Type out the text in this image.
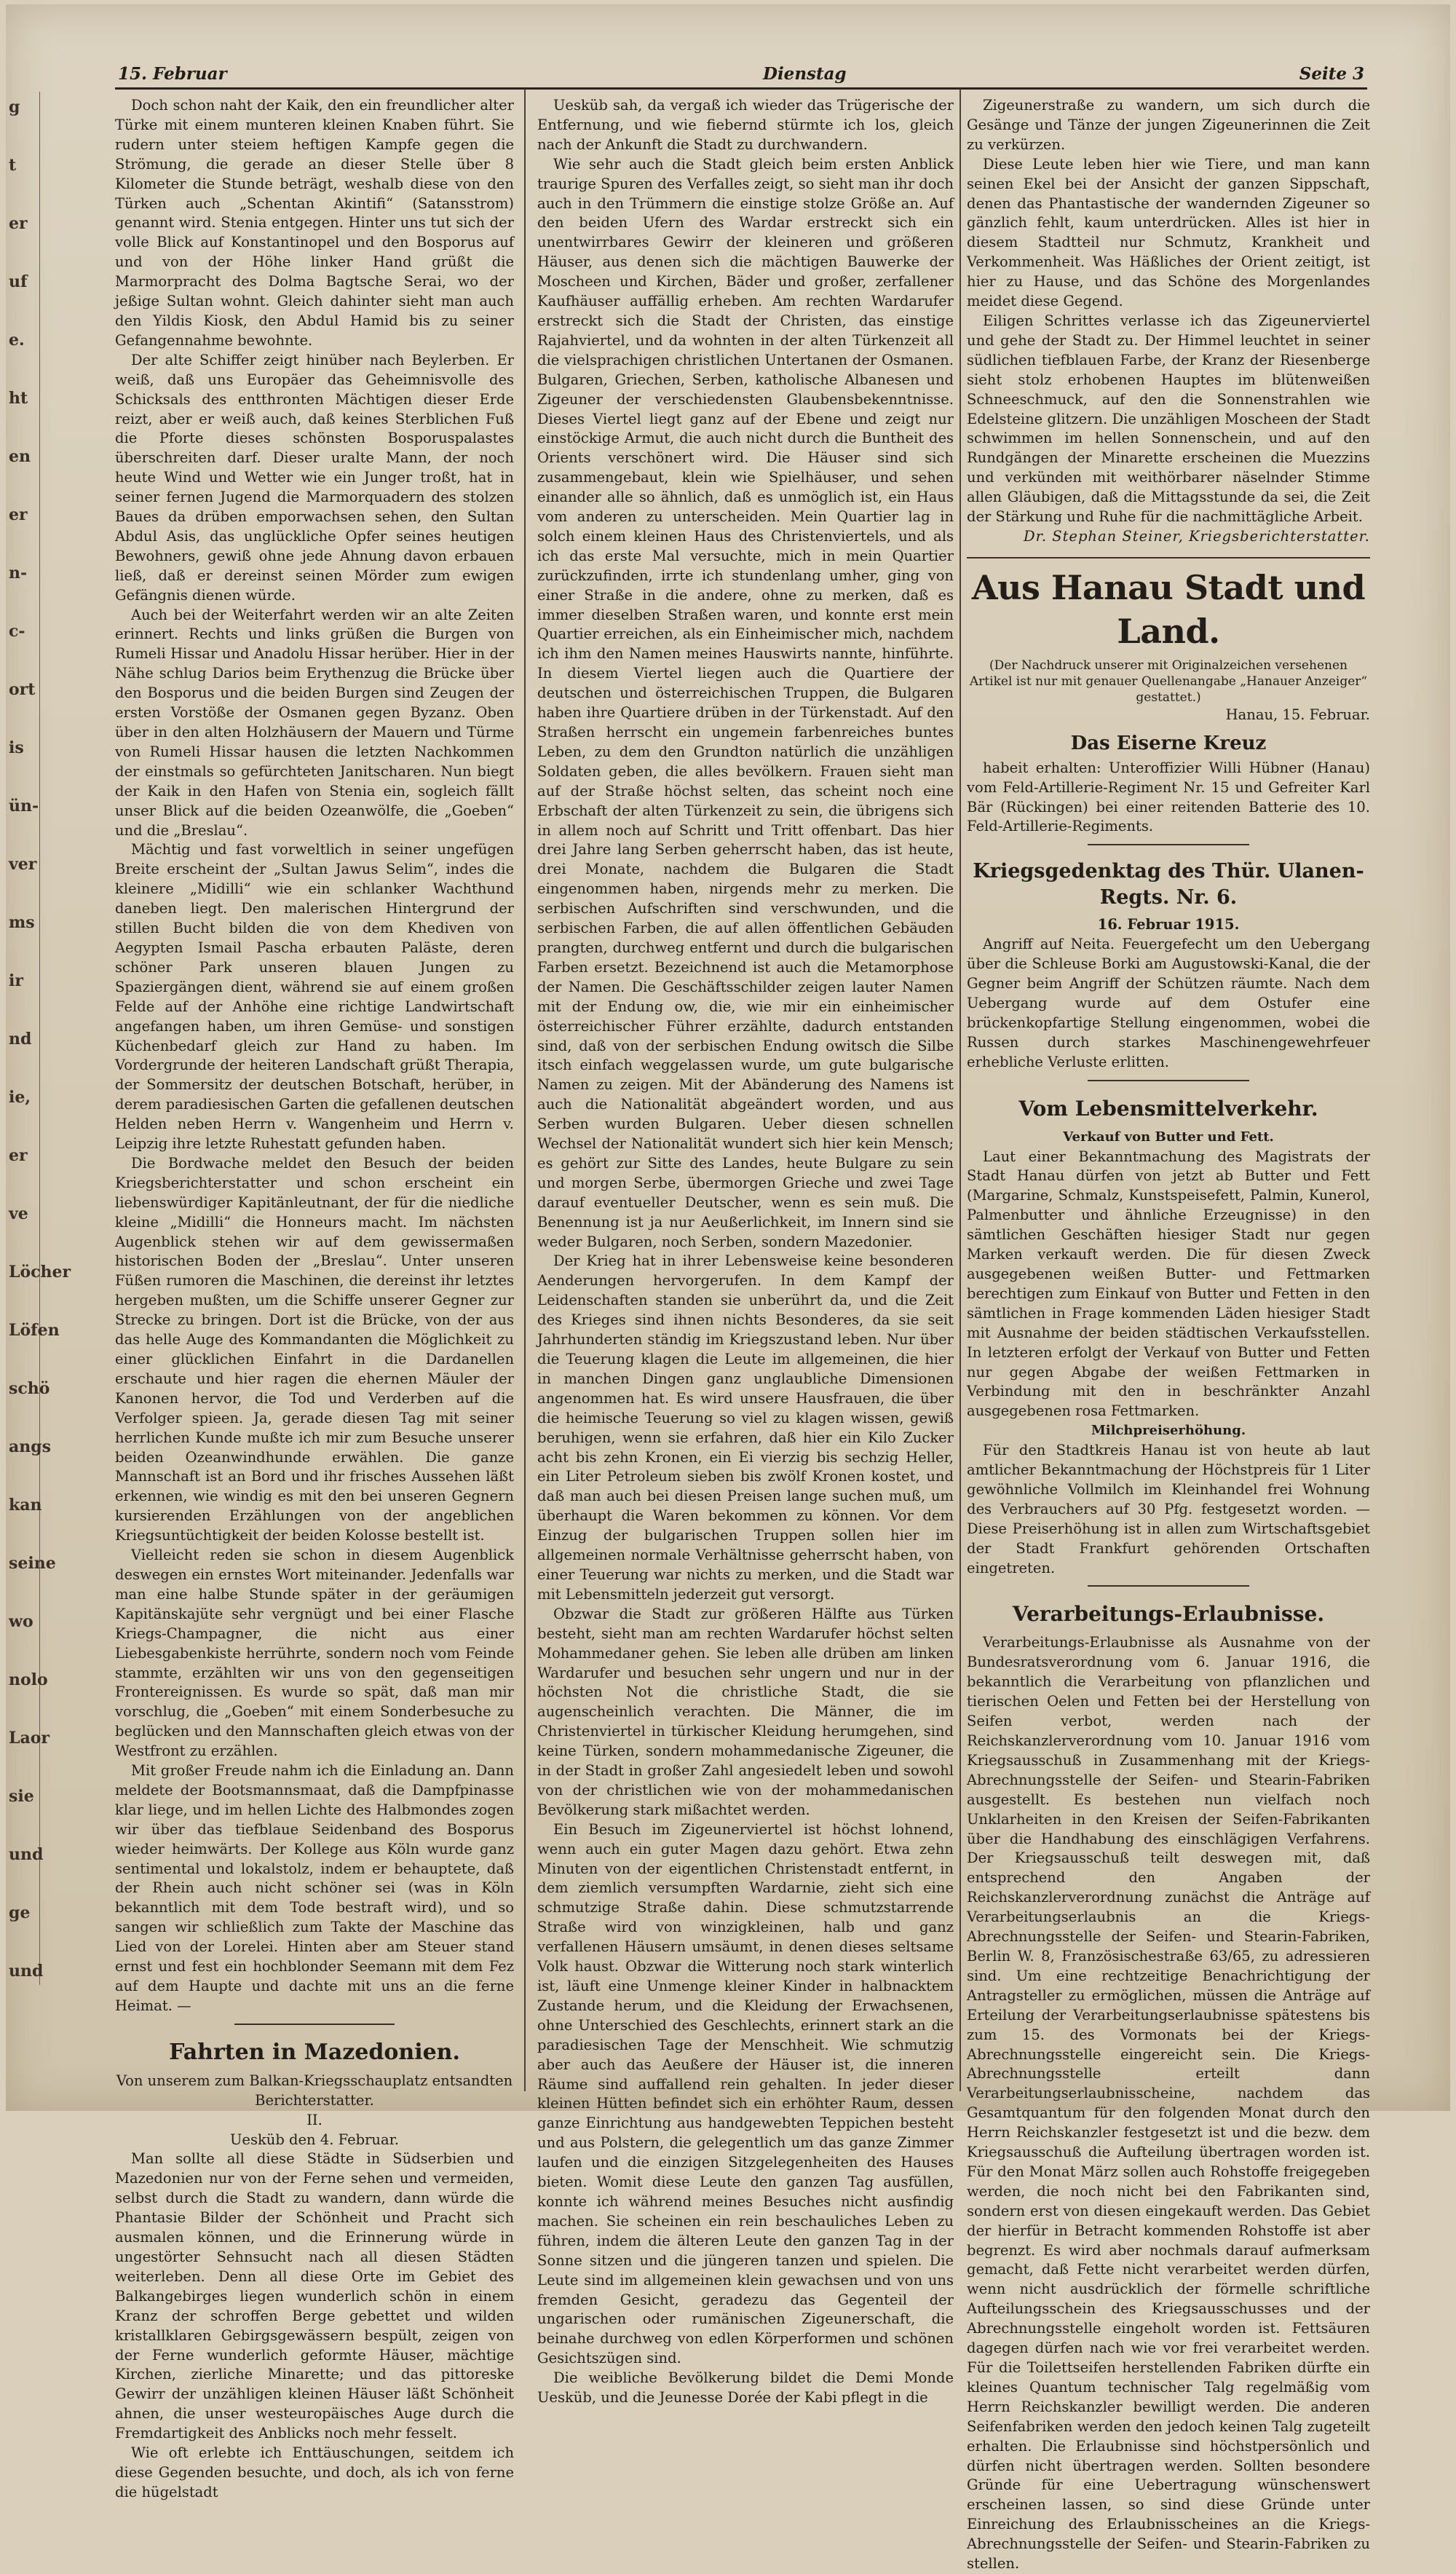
15. Februar	Dienstag	Seite 3
g
t
er
uf
e.
ht
en
er
n-
c-
ort
is
ün-
ver
ms
ir
nd
ie,
er
ve
Löcher
Löfen
schö
angs
kan
seine
wo
nolo
Laor
sie
und
ge
und

Doch schon naht der Kaik, den ein freundlicher alter Türke mit einem munteren kleinen Knaben führt. Sie rudern unter steiem heftigen Kampfe gegen die Strömung, die gerade an dieser Stelle über 8 Kilometer die Stunde beträgt, weshalb diese von den Türken auch „Schentan Akintifi“ (Satansstrom) genannt wird. Stenia entgegen. Hinter uns tut sich der volle Blick auf Konstantinopel und den Bosporus auf und von der Höhe linker Hand grüßt die Marmorpracht des Dolma Bagtsche Serai, wo der jeßige Sultan wohnt. Gleich dahinter sieht man auch den Yildis Kiosk, den Abdul Hamid bis zu seiner Gefangennahme bewohnte.

Der alte Schiffer zeigt hinüber nach Beylerben. Er weiß, daß uns Europäer das Geheimnisvolle des Schicksals des entthronten Mächtigen dieser Erde reizt, aber er weiß auch, daß keines Sterblichen Fuß die Pforte dieses schönsten Bosporuspalastes überschreiten darf. Dieser uralte Mann, der noch heute Wind und Wetter wie ein Junger troßt, hat in seiner fernen Jugend die Marmorquadern des stolzen Baues da drüben emporwachsen sehen, den Sultan Abdul Asis, das unglückliche Opfer seines heutigen Bewohners, gewiß ohne jede Ahnung davon erbauen ließ, daß er dereinst seinen Mörder zum ewigen Gefängnis dienen würde.

Auch bei der Weiterfahrt werden wir an alte Zeiten erinnert. Rechts und links grüßen die Burgen von Rumeli Hissar und Anadolu Hissar herüber. Hier in der Nähe schlug Darios beim Erythenzug die Brücke über den Bosporus und die beiden Burgen sind Zeugen der ersten Vorstöße der Osmanen gegen Byzanz. Oben über in den alten Holzhäusern der Mauern und Türme von Rumeli Hissar hausen die letzten Nachkommen der einstmals so gefürchteten Janitscharen. Nun biegt der Kaik in den Hafen von Stenia ein, sogleich fällt unser Blick auf die beiden Ozeanwölfe, die „Goeben“ und die „Breslau“.

Mächtig und fast vorweltlich in seiner ungefügen Breite erscheint der „Sultan Jawus Selim“, indes die kleinere „Midilli“ wie ein schlanker Wachthund daneben liegt. Den malerischen Hintergrund der stillen Bucht bilden die von dem Khediven von Aegypten Ismail Pascha erbauten Paläste, deren schöner Park unseren blauen Jungen zu Spaziergängen dient, während sie auf einem großen Felde auf der Anhöhe eine richtige Landwirtschaft angefangen haben, um ihren Gemüse- und sonstigen Küchenbedarf gleich zur Hand zu haben. Im Vordergrunde der heiteren Landschaft grüßt Therapia, der Sommersitz der deutschen Botschaft, herüber, in derem paradiesischen Garten die gefallenen deutschen Helden neben Herrn v. Wangenheim und Herrn v. Leipzig ihre letzte Ruhestatt gefunden haben.

Die Bordwache meldet den Besuch der beiden Kriegsberichterstatter und schon erscheint ein liebenswürdiger Kapitänleutnant, der für die niedliche kleine „Midilli“ die Honneurs macht. Im nächsten Augenblick stehen wir auf dem gewissermaßen historischen Boden der „Breslau“. Unter unseren Füßen rumoren die Maschinen, die dereinst ihr letztes hergeben mußten, um die Schiffe unserer Gegner zur Strecke zu bringen. Dort ist die Brücke, von der aus das helle Auge des Kommandanten die Möglichkeit zu einer glücklichen Einfahrt in die Dardanellen erschaute und hier ragen die ehernen Mäuler der Kanonen hervor, die Tod und Verderben auf die Verfolger spieen. Ja, gerade diesen Tag mit seiner herrlichen Kunde mußte ich mir zum Besuche unserer beiden Ozeanwindhunde erwählen. Die ganze Mannschaft ist an Bord und ihr frisches Aussehen läßt erkennen, wie windig es mit den bei unseren Gegnern kursierenden Erzählungen von der angeblichen Kriegsuntüchtigkeit der beiden Kolosse bestellt ist.

Vielleicht reden sie schon in diesem Augenblick deswegen ein ernstes Wort miteinander. Jedenfalls war man eine halbe Stunde später in der geräumigen Kapitänskajüte sehr vergnügt und bei einer Flasche Kriegs-Champagner, die nicht aus einer Liebesgabenkiste herrührte, sondern noch vom Feinde stammte, erzählten wir uns von den gegenseitigen Frontereignissen. Es wurde so spät, daß man mir vorschlug, die „Goeben“ mit einem Sonderbesuche zu beglücken und den Mannschaften gleich etwas von der Westfront zu erzählen.

Mit großer Freude nahm ich die Einladung an. Dann meldete der Bootsmannsmaat, daß die Dampfpinasse klar liege, und im hellen Lichte des Halbmondes zogen wir über das tiefblaue Seidenband des Bosporus wieder heimwärts. Der Kollege aus Köln wurde ganz sentimental und lokalstolz, indem er behauptete, daß der Rhein auch nicht schöner sei (was in Köln bekanntlich mit dem Tode bestraft wird), und so sangen wir schließlich zum Takte der Maschine das Lied von der Lorelei. Hinten aber am Steuer stand ernst und fest ein hochblonder Seemann mit dem Fez auf dem Haupte und dachte mit uns an die ferne Heimat. —

Fahrten in Mazedonien.

Von unserem zum Balkan-Kriegsschauplatz entsandten Berichterstatter.

II.

Uesküb den 4. Februar.

Man sollte all diese Städte in Südserbien und Mazedonien nur von der Ferne sehen und vermeiden, selbst durch die Stadt zu wandern, dann würde die Phantasie Bilder der Schönheit und Pracht sich ausmalen können, und die Erinnerung würde in ungestörter Sehnsucht nach all diesen Städten weiterleben. Denn all diese Orte im Gebiet des Balkangebirges liegen wunderlich schön in einem Kranz der schroffen Berge gebettet und wilden kristallklaren Gebirgsgewässern bespült, zeigen von der Ferne wunderlich geformte Häuser, mächtige Kirchen, zierliche Minarette; und das pittoreske Gewirr der unzähligen kleinen Häuser läßt Schönheit ahnen, die unser westeuropäisches Auge durch die Fremdartigkeit des Anblicks noch mehr fesselt.

Wie oft erlebte ich Enttäuschungen, seitdem ich diese Gegenden besuchte, und doch, als ich von ferne die hügelstadt

Uesküb sah, da vergaß ich wieder das Trügerische der Entfernung, und wie fiebernd stürmte ich los, gleich nach der Ankunft die Stadt zu durchwandern.

Wie sehr auch die Stadt gleich beim ersten Anblick traurige Spuren des Verfalles zeigt, so sieht man ihr doch auch in den Trümmern die einstige stolze Größe an. Auf den beiden Ufern des Wardar erstreckt sich ein unentwirrbares Gewirr der kleineren und größeren Häuser, aus denen sich die mächtigen Bauwerke der Moscheen und Kirchen, Bäder und großer, zerfallener Kaufhäuser auffällig erheben. Am rechten Wardarufer erstreckt sich die Stadt der Christen, das einstige Rajahviertel, und da wohnten in der alten Türkenzeit all die vielsprachigen christlichen Untertanen der Osmanen. Bulgaren, Griechen, Serben, katholische Albanesen und Zigeuner der verschiedensten Glaubensbekenntnisse. Dieses Viertel liegt ganz auf der Ebene und zeigt nur einstöckige Armut, die auch nicht durch die Buntheit des Orients verschönert wird. Die Häuser sind sich zusammengebaut, klein wie Spielhäuser, und sehen einander alle so ähnlich, daß es unmöglich ist, ein Haus vom anderen zu unterscheiden. Mein Quartier lag in solch einem kleinen Haus des Christenviertels, und als ich das erste Mal versuchte, mich in mein Quartier zurückzufinden, irrte ich stundenlang umher, ging von einer Straße in die andere, ohne zu merken, daß es immer dieselben Straßen waren, und konnte erst mein Quartier erreichen, als ein Einheimischer mich, nachdem ich ihm den Namen meines Hauswirts nannte, hinführte. In diesem Viertel liegen auch die Quartiere der deutschen und österreichischen Truppen, die Bulgaren haben ihre Quartiere drüben in der Türkenstadt. Auf den Straßen herrscht ein ungemein farbenreiches buntes Leben, zu dem den Grundton natürlich die unzähligen Soldaten geben, die alles bevölkern. Frauen sieht man auf der Straße höchst selten, das scheint noch eine Erbschaft der alten Türkenzeit zu sein, die übrigens sich in allem noch auf Schritt und Tritt offenbart. Das hier drei Jahre lang Serben geherrscht haben, das ist heute, drei Monate, nachdem die Bulgaren die Stadt eingenommen haben, nirgends mehr zu merken. Die serbischen Aufschriften sind verschwunden, und die serbischen Farben, die auf allen öffentlichen Gebäuden prangten, durchweg entfernt und durch die bulgarischen Farben ersetzt. Bezeichnend ist auch die Metamorphose der Namen. Die Geschäftsschilder zeigen lauter Namen mit der Endung ow, die, wie mir ein einheimischer österreichischer Führer erzählte, dadurch entstanden sind, daß von der serbischen Endung owitsch die Silbe itsch einfach weggelassen wurde, um gute bulgarische Namen zu zeigen. Mit der Abänderung des Namens ist auch die Nationalität abgeändert worden, und aus Serben wurden Bulgaren. Ueber diesen schnellen Wechsel der Nationalität wundert sich hier kein Mensch; es gehört zur Sitte des Landes, heute Bulgare zu sein und morgen Serbe, übermorgen Grieche und zwei Tage darauf eventueller Deutscher, wenn es sein muß. Die Benennung ist ja nur Aeußerlichkeit, im Innern sind sie weder Bulgaren, noch Serben, sondern Mazedonier.

Der Krieg hat in ihrer Lebensweise keine besonderen Aenderungen hervorgerufen. In dem Kampf der Leidenschaften standen sie unberührt da, und die Zeit des Krieges sind ihnen nichts Besonderes, da sie seit Jahrhunderten ständig im Kriegszustand leben. Nur über die Teuerung klagen die Leute im allgemeinen, die hier in manchen Dingen ganz unglaubliche Dimensionen angenommen hat. Es wird unsere Hausfrauen, die über die heimische Teuerung so viel zu klagen wissen, gewiß beruhigen, wenn sie erfahren, daß hier ein Kilo Zucker acht bis zehn Kronen, ein Ei vierzig bis sechzig Heller, ein Liter Petroleum sieben bis zwölf Kronen kostet, und daß man auch bei diesen Preisen lange suchen muß, um überhaupt die Waren bekommen zu können. Vor dem Einzug der bulgarischen Truppen sollen hier im allgemeinen normale Verhältnisse geherrscht haben, von einer Teuerung war nichts zu merken, und die Stadt war mit Lebensmitteln jederzeit gut versorgt.

Obzwar die Stadt zur größeren Hälfte aus Türken besteht, sieht man am rechten Wardarufer höchst selten Mohammedaner gehen. Sie leben alle drüben am linken Wardarufer und besuchen sehr ungern und nur in der höchsten Not die christliche Stadt, die sie augenscheinlich verachten. Die Männer, die im Christenviertel in türkischer Kleidung herumgehen, sind keine Türken, sondern mohammedanische Zigeuner, die in der Stadt in großer Zahl angesiedelt leben und sowohl von der christlichen wie von der mohammedanischen Bevölkerung stark mißachtet werden.

Ein Besuch im Zigeunerviertel ist höchst lohnend, wenn auch ein guter Magen dazu gehört. Etwa zehn Minuten von der eigentlichen Christenstadt entfernt, in dem ziemlich versumpften Wardarnie, zieht sich eine schmutzige Straße dahin. Diese schmutzstarrende Straße wird von winzigkleinen, halb und ganz verfallenen Häusern umsäumt, in denen dieses seltsame Volk haust. Obzwar die Witterung noch stark winterlich ist, läuft eine Unmenge kleiner Kinder in halbnacktem Zustande herum, und die Kleidung der Erwachsenen, ohne Unterschied des Geschlechts, erinnert stark an die paradiesischen Tage der Menschheit. Wie schmutzig aber auch das Aeußere der Häuser ist, die inneren Räume sind auffallend rein gehalten. In jeder dieser kleinen Hütten befindet sich ein erhöhter Raum, dessen ganze Einrichtung aus handgewebten Teppichen besteht und aus Polstern, die gelegentlich um das ganze Zimmer laufen und die einzigen Sitzgelegenheiten des Hauses bieten. Womit diese Leute den ganzen Tag ausfüllen, konnte ich während meines Besuches nicht ausfindig machen. Sie scheinen ein rein beschauliches Leben zu führen, indem die älteren Leute den ganzen Tag in der Sonne sitzen und die jüngeren tanzen und spielen. Die Leute sind im allgemeinen klein gewachsen und von uns fremden Gesicht, geradezu das Gegenteil der ungarischen oder rumänischen Zigeunerschaft, die beinahe durchweg von edlen Körperformen und schönen Gesichtszügen sind.

Die weibliche Bevölkerung bildet die Demi Monde Uesküb, und die Jeunesse Dorée der Kabi pflegt in die

Zigeunerstraße zu wandern, um sich durch die Gesänge und Tänze der jungen Zigeunerinnen die Zeit zu verkürzen.

Diese Leute leben hier wie Tiere, und man kann seinen Ekel bei der Ansicht der ganzen Sippschaft, denen das Phantastische der wandernden Zigeuner so gänzlich fehlt, kaum unterdrücken. Alles ist hier in diesem Stadtteil nur Schmutz, Krankheit und Verkommenheit. Was Häßliches der Orient zeitigt, ist hier zu Hause, und das Schöne des Morgenlandes meidet diese Gegend.

Eiligen Schrittes verlasse ich das Zigeunerviertel und gehe der Stadt zu. Der Himmel leuchtet in seiner südlichen tiefblauen Farbe, der Kranz der Riesenberge sieht stolz erhobenen Hauptes im blütenweißen Schneeschmuck, auf den die Sonnenstrahlen wie Edelsteine glitzern. Die unzähligen Moscheen der Stadt schwimmen im hellen Sonnenschein, und auf den Rundgängen der Minarette erscheinen die Muezzins und verkünden mit weithörbarer näselnder Stimme allen Gläubigen, daß die Mittagsstunde da sei, die Zeit der Stärkung und Ruhe für die nachmittägliche Arbeit.

Dr. Stephan Steiner, Kriegsberichterstatter.

Aus Hanau Stadt und Land.

(Der Nachdruck unserer mit Originalzeichen versehenen Artikel ist nur mit genauer Quellenangabe „Hanauer Anzeiger“ gestattet.)

Hanau, 15. Februar.

Das Eiserne Kreuz

habeit erhalten: Unteroffizier Willi Hübner (Hanau) vom Feld-Artillerie-Regiment Nr. 15 und Gefreiter Karl Bär (Rückingen) bei einer reitenden Batterie des 10. Feld-Artillerie-Regiments.

Kriegsgedenktag des Thür. Ulanen-Regts. Nr. 6.

16. Februar 1915.

Angriff auf Neita. Feuergefecht um den Uebergang über die Schleuse Borki am Augustowski-Kanal, die der Gegner beim Angriff der Schützen räumte. Nach dem Uebergang wurde auf dem Ostufer eine brückenkopfartige Stellung eingenommen, wobei die Russen durch starkes Maschinengewehrfeuer erhebliche Verluste erlitten.

Vom Lebensmittelverkehr.

Verkauf von Butter und Fett.

Laut einer Bekanntmachung des Magistrats der Stadt Hanau dürfen von jetzt ab Butter und Fett (Margarine, Schmalz, Kunstspeisefett, Palmin, Kunerol, Palmenbutter und ähnliche Erzeugnisse) in den sämtlichen Geschäften hiesiger Stadt nur gegen Marken verkauft werden. Die für diesen Zweck ausgegebenen weißen Butter- und Fettmarken berechtigen zum Einkauf von Butter und Fetten in den sämtlichen in Frage kommenden Läden hiesiger Stadt mit Ausnahme der beiden städtischen Verkaufsstellen. In letzteren erfolgt der Verkauf von Butter und Fetten nur gegen Abgabe der weißen Fettmarken in Verbindung mit den in beschränkter Anzahl ausgegebenen rosa Fettmarken.

Milchpreiserhöhung.

Für den Stadtkreis Hanau ist von heute ab laut amtlicher Bekanntmachung der Höchstpreis für 1 Liter gewöhnliche Vollmilch im Kleinhandel frei Wohnung des Verbrauchers auf 30 Pfg. festgesetzt worden. — Diese Preiserhöhung ist in allen zum Wirtschaftsgebiet der Stadt Frankfurt gehörenden Ortschaften eingetreten.

Verarbeitungs-Erlaubnisse.

Verarbeitungs-Erlaubnisse als Ausnahme von der Bundesratsverordnung vom 6. Januar 1916, die bekanntlich die Verarbeitung von pflanzlichen und tierischen Oelen und Fetten bei der Herstellung von Seifen verbot, werden nach der Reichskanzlerverordnung vom 10. Januar 1916 vom Kriegsausschuß in Zusammenhang mit der Kriegs-Abrechnungsstelle der Seifen- und Stearin-Fabriken ausgestellt. Es bestehen nun vielfach noch Unklarheiten in den Kreisen der Seifen-Fabrikanten über die Handhabung des einschlägigen Verfahrens. Der Kriegsausschuß teilt deswegen mit, daß entsprechend den Angaben der Reichskanzlerverordnung zunächst die Anträge auf Verarbeitungserlaubnis an die Kriegs-Abrechnungsstelle der Seifen- und Stearin-Fabriken, Berlin W. 8, Französischestraße 63/65, zu adressieren sind. Um eine rechtzeitige Benachrichtigung der Antragsteller zu ermöglichen, müssen die Anträge auf Erteilung der Verarbeitungserlaubnisse spätestens bis zum 15. des Vormonats bei der Kriegs-Abrechnungsstelle eingereicht sein. Die Kriegs-Abrechnungsstelle erteilt dann Verarbeitungserlaubnisscheine, nachdem das Gesamtquantum für den folgenden Monat durch den Herrn Reichskanzler festgesetzt ist und die bezw. dem Kriegsausschuß die Aufteilung übertragen worden ist. Für den Monat März sollen auch Rohstoffe freigegeben werden, die noch nicht bei den Fabrikanten sind, sondern erst von diesen eingekauft werden. Das Gebiet der hierfür in Betracht kommenden Rohstoffe ist aber begrenzt. Es wird aber nochmals darauf aufmerksam gemacht, daß Fette nicht verarbeitet werden dürfen, wenn nicht ausdrücklich der förmelle schriftliche Aufteilungsschein des Kriegsausschusses und der Abrechnungsstelle eingeholt worden ist. Fettsäuren dagegen dürfen nach wie vor frei verarbeitet werden. Für die Toilettseifen herstellenden Fabriken dürfte ein kleines Quantum technischer Talg regelmäßig vom Herrn Reichskanzler bewilligt werden. Die anderen Seifenfabriken werden den jedoch keinen Talg zugeteilt erhalten. Die Erlaubnisse sind höchstpersönlich und dürfen nicht übertragen werden. Sollten besondere Gründe für eine Uebertragung wünschenswert erscheinen lassen, so sind diese Gründe unter Einreichung des Erlaubnisscheines an die Kriegs-Abrechnungsstelle der Seifen- und Stearin-Fabriken zu stellen.
